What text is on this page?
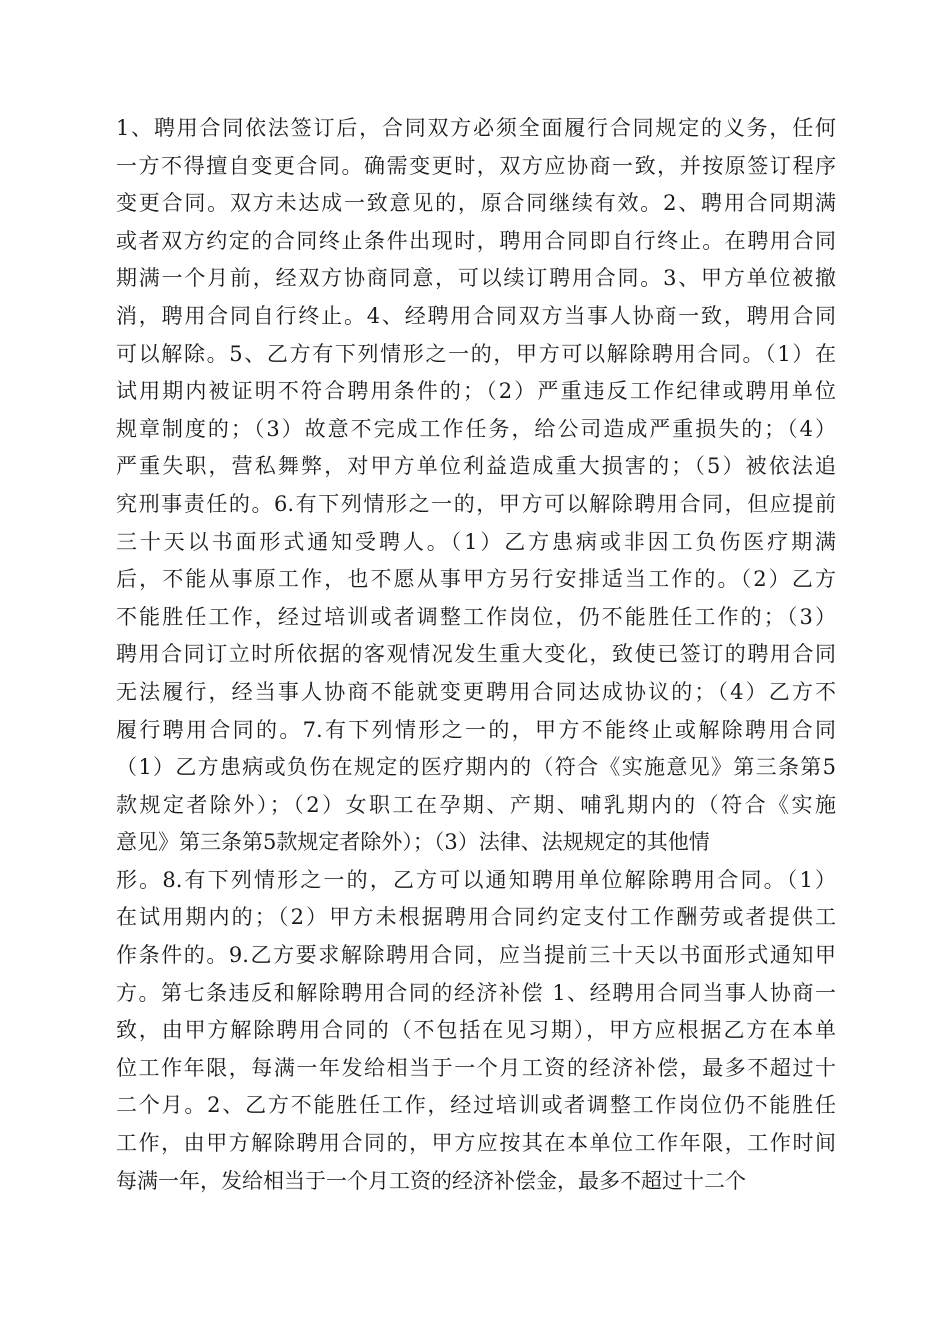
1、聘用合同依法签订后，合同双方必须全面履行合同规定的义务，任何
一方不得擅自变更合同。确需变更时，双方应协商一致，并按原签订程序
变更合同。双方未达成一致意见的，原合同继续有效。2、聘用合同期满
或者双方约定的合同终止条件出现时，聘用合同即自行终止。在聘用合同
期满一个月前，经双方协商同意，可以续订聘用合同。3、甲方单位被撤
消，聘用合同自行终止。4、经聘用合同双方当事人协商一致，聘用合同
可以解除。5、乙方有下列情形之一的，甲方可以解除聘用合同。（1）在
试用期内被证明不符合聘用条件的；（2）严重违反工作纪律或聘用单位
规章制度的；（3）故意不完成工作任务，给公司造成严重损失的；（4）
严重失职，营私舞弊，对甲方单位利益造成重大损害的；（5）被依法追
究刑事责任的。6.有下列情形之一的，甲方可以解除聘用合同，但应提前
三十天以书面形式通知受聘人。（1）乙方患病或非因工负伤医疗期满
后，不能从事原工作，也不愿从事甲方另行安排适当工作的。（2）乙方
不能胜任工作，经过培训或者调整工作岗位，仍不能胜任工作的；（3）
聘用合同订立时所依据的客观情况发生重大变化，致使已签订的聘用合同
无法履行，经当事人协商不能就变更聘用合同达成协议的；（4）乙方不
履行聘用合同的。7.有下列情形之一的，甲方不能终止或解除聘用合同
（1）乙方患病或负伤在规定的医疗期内的（符合《实施意见》第三条第5
款规定者除外）；（2）女职工在孕期、产期、哺乳期内的（符合《实施
意见》第三条第5款规定者除外）；（3）法律、法规规定的其他情
形。8.有下列情形之一的，乙方可以通知聘用单位解除聘用合同。（1）
在试用期内的；（2）甲方未根据聘用合同约定支付工作酬劳或者提供工
作条件的。9.乙方要求解除聘用合同，应当提前三十天以书面形式通知甲
方。第七条违反和解除聘用合同的经济补偿 1、经聘用合同当事人协商一
致，由甲方解除聘用合同的（不包括在见习期），甲方应根据乙方在本单
位工作年限，每满一年发给相当于一个月工资的经济补偿，最多不超过十
二个月。2、乙方不能胜任工作，经过培训或者调整工作岗位仍不能胜任
工作，由甲方解除聘用合同的，甲方应按其在本单位工作年限，工作时间
每满一年，发给相当于一个月工资的经济补偿金，最多不超过十二个
